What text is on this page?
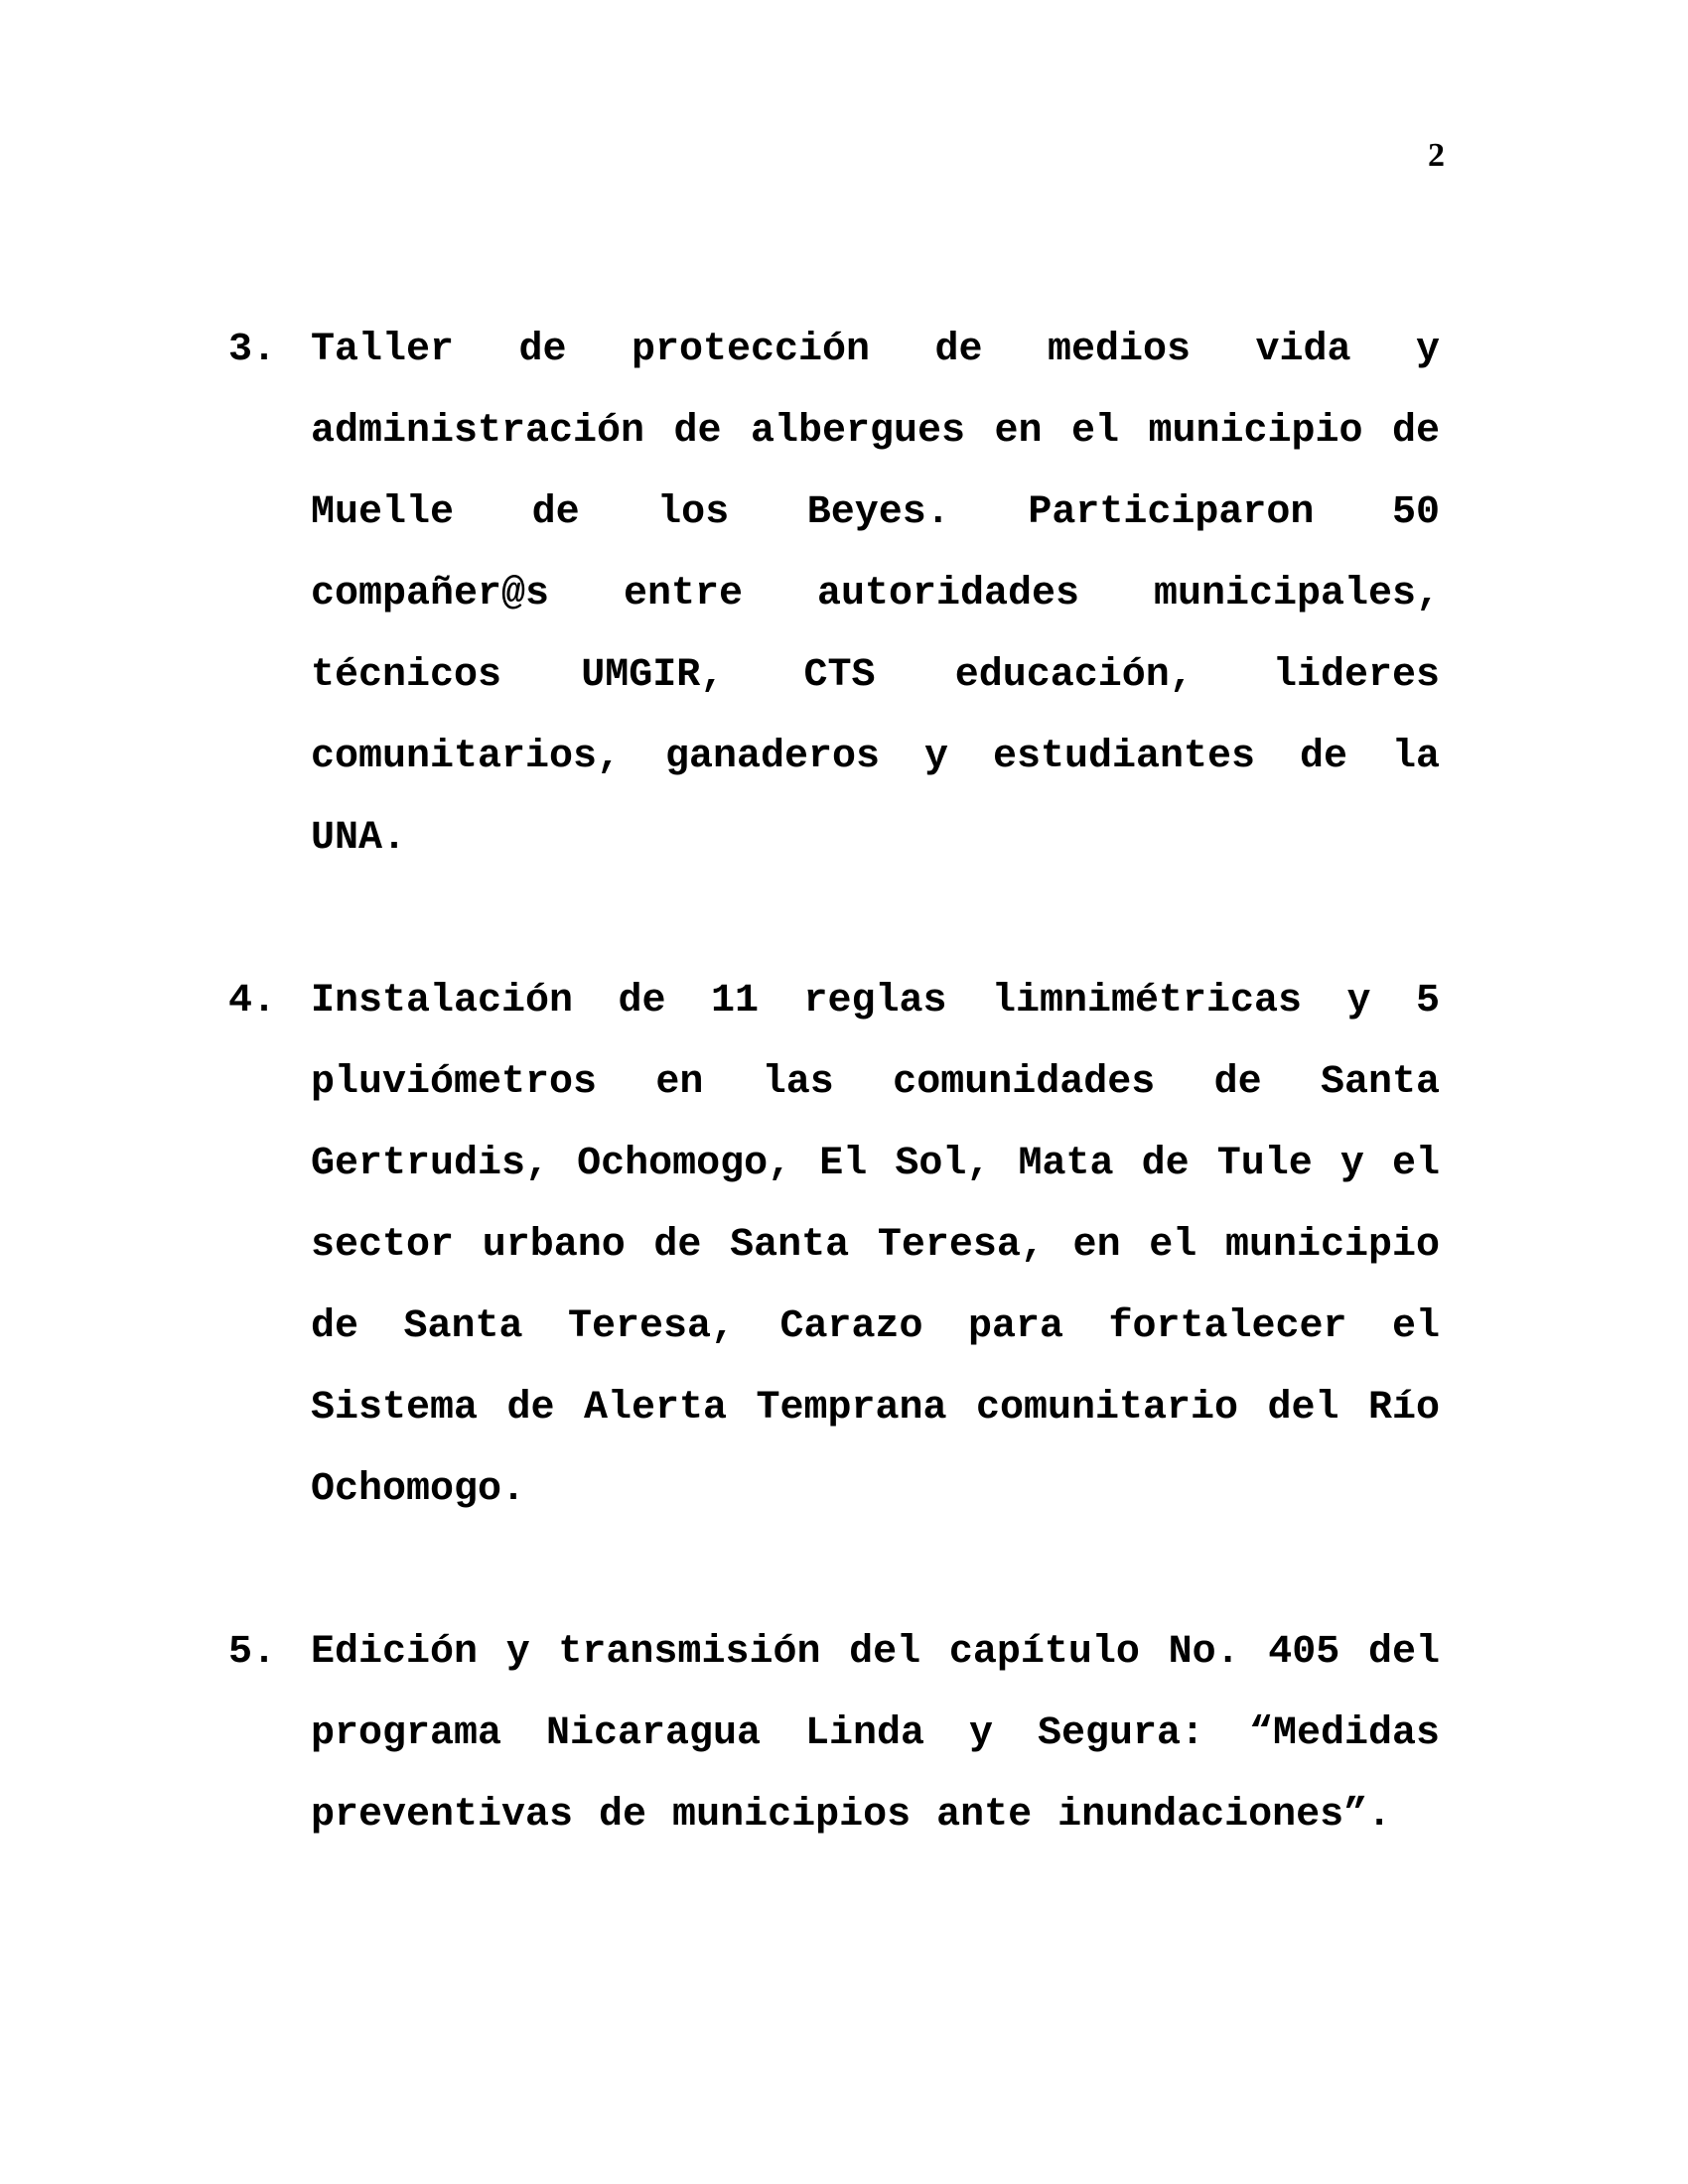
2
3. Taller de protección de medios vida y administración de albergues en el municipio de Muelle de los Beyes. Participaron 50 compañer@s entre autoridades municipales, técnicos UMGIR, CTS educación, lideres comunitarios, ganaderos y estudiantes de la UNA.
4. Instalación de 11 reglas limnimétricas y 5 pluviómetros en las comunidades de Santa Gertrudis, Ochomogo, El Sol, Mata de Tule y el sector urbano de Santa Teresa, en el municipio de Santa Teresa, Carazo para fortalecer el Sistema de Alerta Temprana comunitario del Río Ochomogo.
5. Edición y transmisión del capítulo No. 405 del programa Nicaragua Linda y Segura: “Medidas preventivas de municipios ante inundaciones”.
